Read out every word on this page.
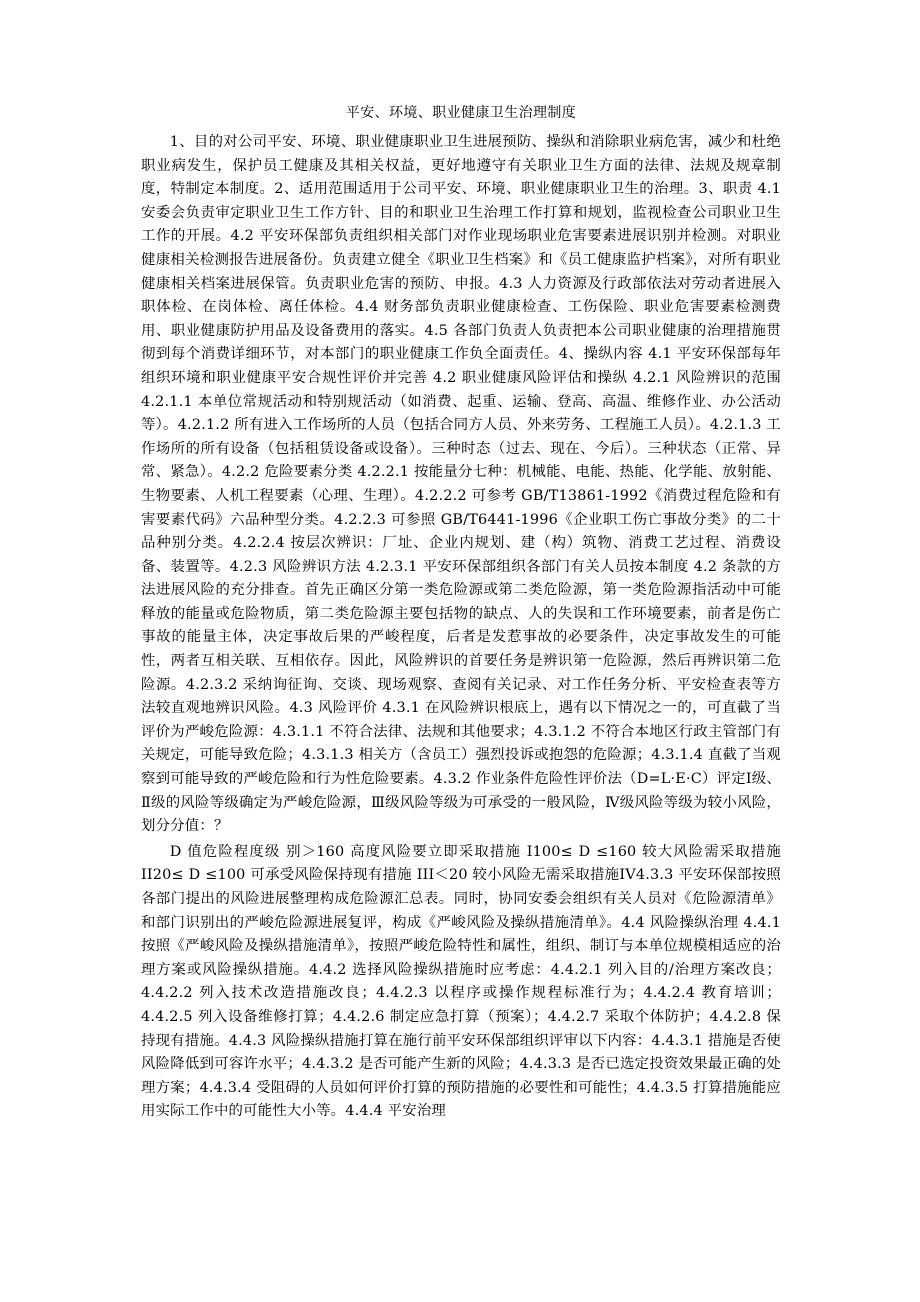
平安、环境、职业健康卫生治理制度

1、目的对公司平安、环境、职业健康职业卫生进展预防、操纵和消除职业病危害，减少和杜绝职业病发生，保护员工健康及其相关权益，更好地遵守有关职业卫生方面的法律、法规及规章制度，特制定本制度。2、适用范围适用于公司平安、环境、职业健康职业卫生的治理。3、职责 4.1 安委会负责审定职业卫生工作方针、目的和职业卫生治理工作打算和规划，监视检查公司职业卫生工作的开展。4.2 平安环保部负责组织相关部门对作业现场职业危害要素进展识别并检测。对职业健康相关检测报告进展备份。负责建立健全《职业卫生档案》和《员工健康监护档案》，对所有职业健康相关档案进展保管。负责职业危害的预防、申报。4.3 人力资源及行政部依法对劳动者进展入职体检、在岗体检、离任体检。4.4 财务部负责职业健康检查、工伤保险、职业危害要素检测费用、职业健康防护用品及设备费用的落实。4.5 各部门负责人负责把本公司职业健康的治理措施贯彻到每个消费详细环节，对本部门的职业健康工作负全面责任。4、操纵内容 4.1 平安环保部每年组织环境和职业健康平安合规性评价并完善 4.2 职业健康风险评估和操纵 4.2.1 风险辨识的范围 4.2.1.1 本单位常规活动和特别规活动（如消费、起重、运输、登高、高温、维修作业、办公活动等）。4.2.1.2 所有进入工作场所的人员（包括合同方人员、外来劳务、工程施工人员）。4.2.1.3 工作场所的所有设备（包括租赁设备或设备）。三种时态（过去、现在、今后）。三种状态（正常、异常、紧急）。4.2.2 危险要素分类 4.2.2.1 按能量分七种：机械能、电能、热能、化学能、放射能、生物要素、人机工程要素（心理、生理）。4.2.2.2 可参考 GB/T13861-1992《消费过程危险和有害要素代码》六品种型分类。4.2.2.3 可参照 GB/T6441-1996《企业职工伤亡事故分类》的二十品种别分类。4.2.2.4 按层次辨识：厂址、企业内规划、建（构）筑物、消费工艺过程、消费设备、装置等。4.2.3 风险辨识方法 4.2.3.1 平安环保部组织各部门有关人员按本制度 4.2 条款的方法进展风险的充分排查。首先正确区分第一类危险源或第二类危险源，第一类危险源指活动中可能释放的能量或危险物质，第二类危险源主要包括物的缺点、人的失误和工作环境要素，前者是伤亡事故的能量主体，决定事故后果的严峻程度，后者是发惹事故的必要条件，决定事故发生的可能性，两者互相关联、互相依存。因此，风险辨识的首要任务是辨识第一危险源，然后再辨识第二危险源。4.2.3.2 采纳询征询、交谈、现场观察、查阅有关记录、对工作任务分析、平安检查表等方法较直观地辨识风险。4.3 风险评价 4.3.1 在风险辨识根底上，遇有以下情况之一的，可直截了当评价为严峻危险源：4.3.1.1 不符合法律、法规和其他要求；4.3.1.2 不符合本地区行政主管部门有关规定，可能导致危险；4.3.1.3 相关方（含员工）强烈投诉或抱怨的危险源；4.3.1.4 直截了当观察到可能导致的严峻危险和行为性危险要素。4.3.2 作业条件危险性评价法（D=L·E·C）评定Ⅰ级、Ⅱ级的风险等级确定为严峻危险源，Ⅲ级风险等级为可承受的一般风险，Ⅳ级风险等级为较小风险，划分分值：？

D 值危险程度级 别＞160 高度风险要立即采取措施 I100≤ D ≤160 较大风险需采取措施 II20≤ D ≤100 可承受风险保持现有措施 III＜20 较小风险无需采取措施IV4.3.3 平安环保部按照各部门提出的风险进展整理构成危险源汇总表。同时，协同安委会组织有关人员对《危险源清单》和部门识别出的严峻危险源进展复评，构成《严峻风险及操纵措施清单》。4.4 风险操纵治理 4.4.1 按照《严峻风险及操纵措施清单》，按照严峻危险特性和属性，组织、制订与本单位规模相适应的治理方案或风险操纵措施。4.4.2 选择风险操纵措施时应考虑：4.4.2.1 列入目的/治理方案改良；4.4.2.2 列入技术改造措施改良；4.4.2.3 以程序或操作规程标准行为；4.4.2.4 教育培训；4.4.2.5 列入设备维修打算；4.4.2.6 制定应急打算（预案）；4.4.2.7 采取个体防护；4.4.2.8 保持现有措施。4.4.3 风险操纵措施打算在施行前平安环保部组织评审以下内容：4.4.3.1 措施是否使风险降低到可容许水平；4.4.3.2 是否可能产生新的风险；4.4.3.3 是否已选定投资效果最正确的处理方案；4.4.3.4 受阻碍的人员如何评价打算的预防措施的必要性和可能性；4.4.3.5 打算措施能应用实际工作中的可能性大小等。4.4.4 平安治理
